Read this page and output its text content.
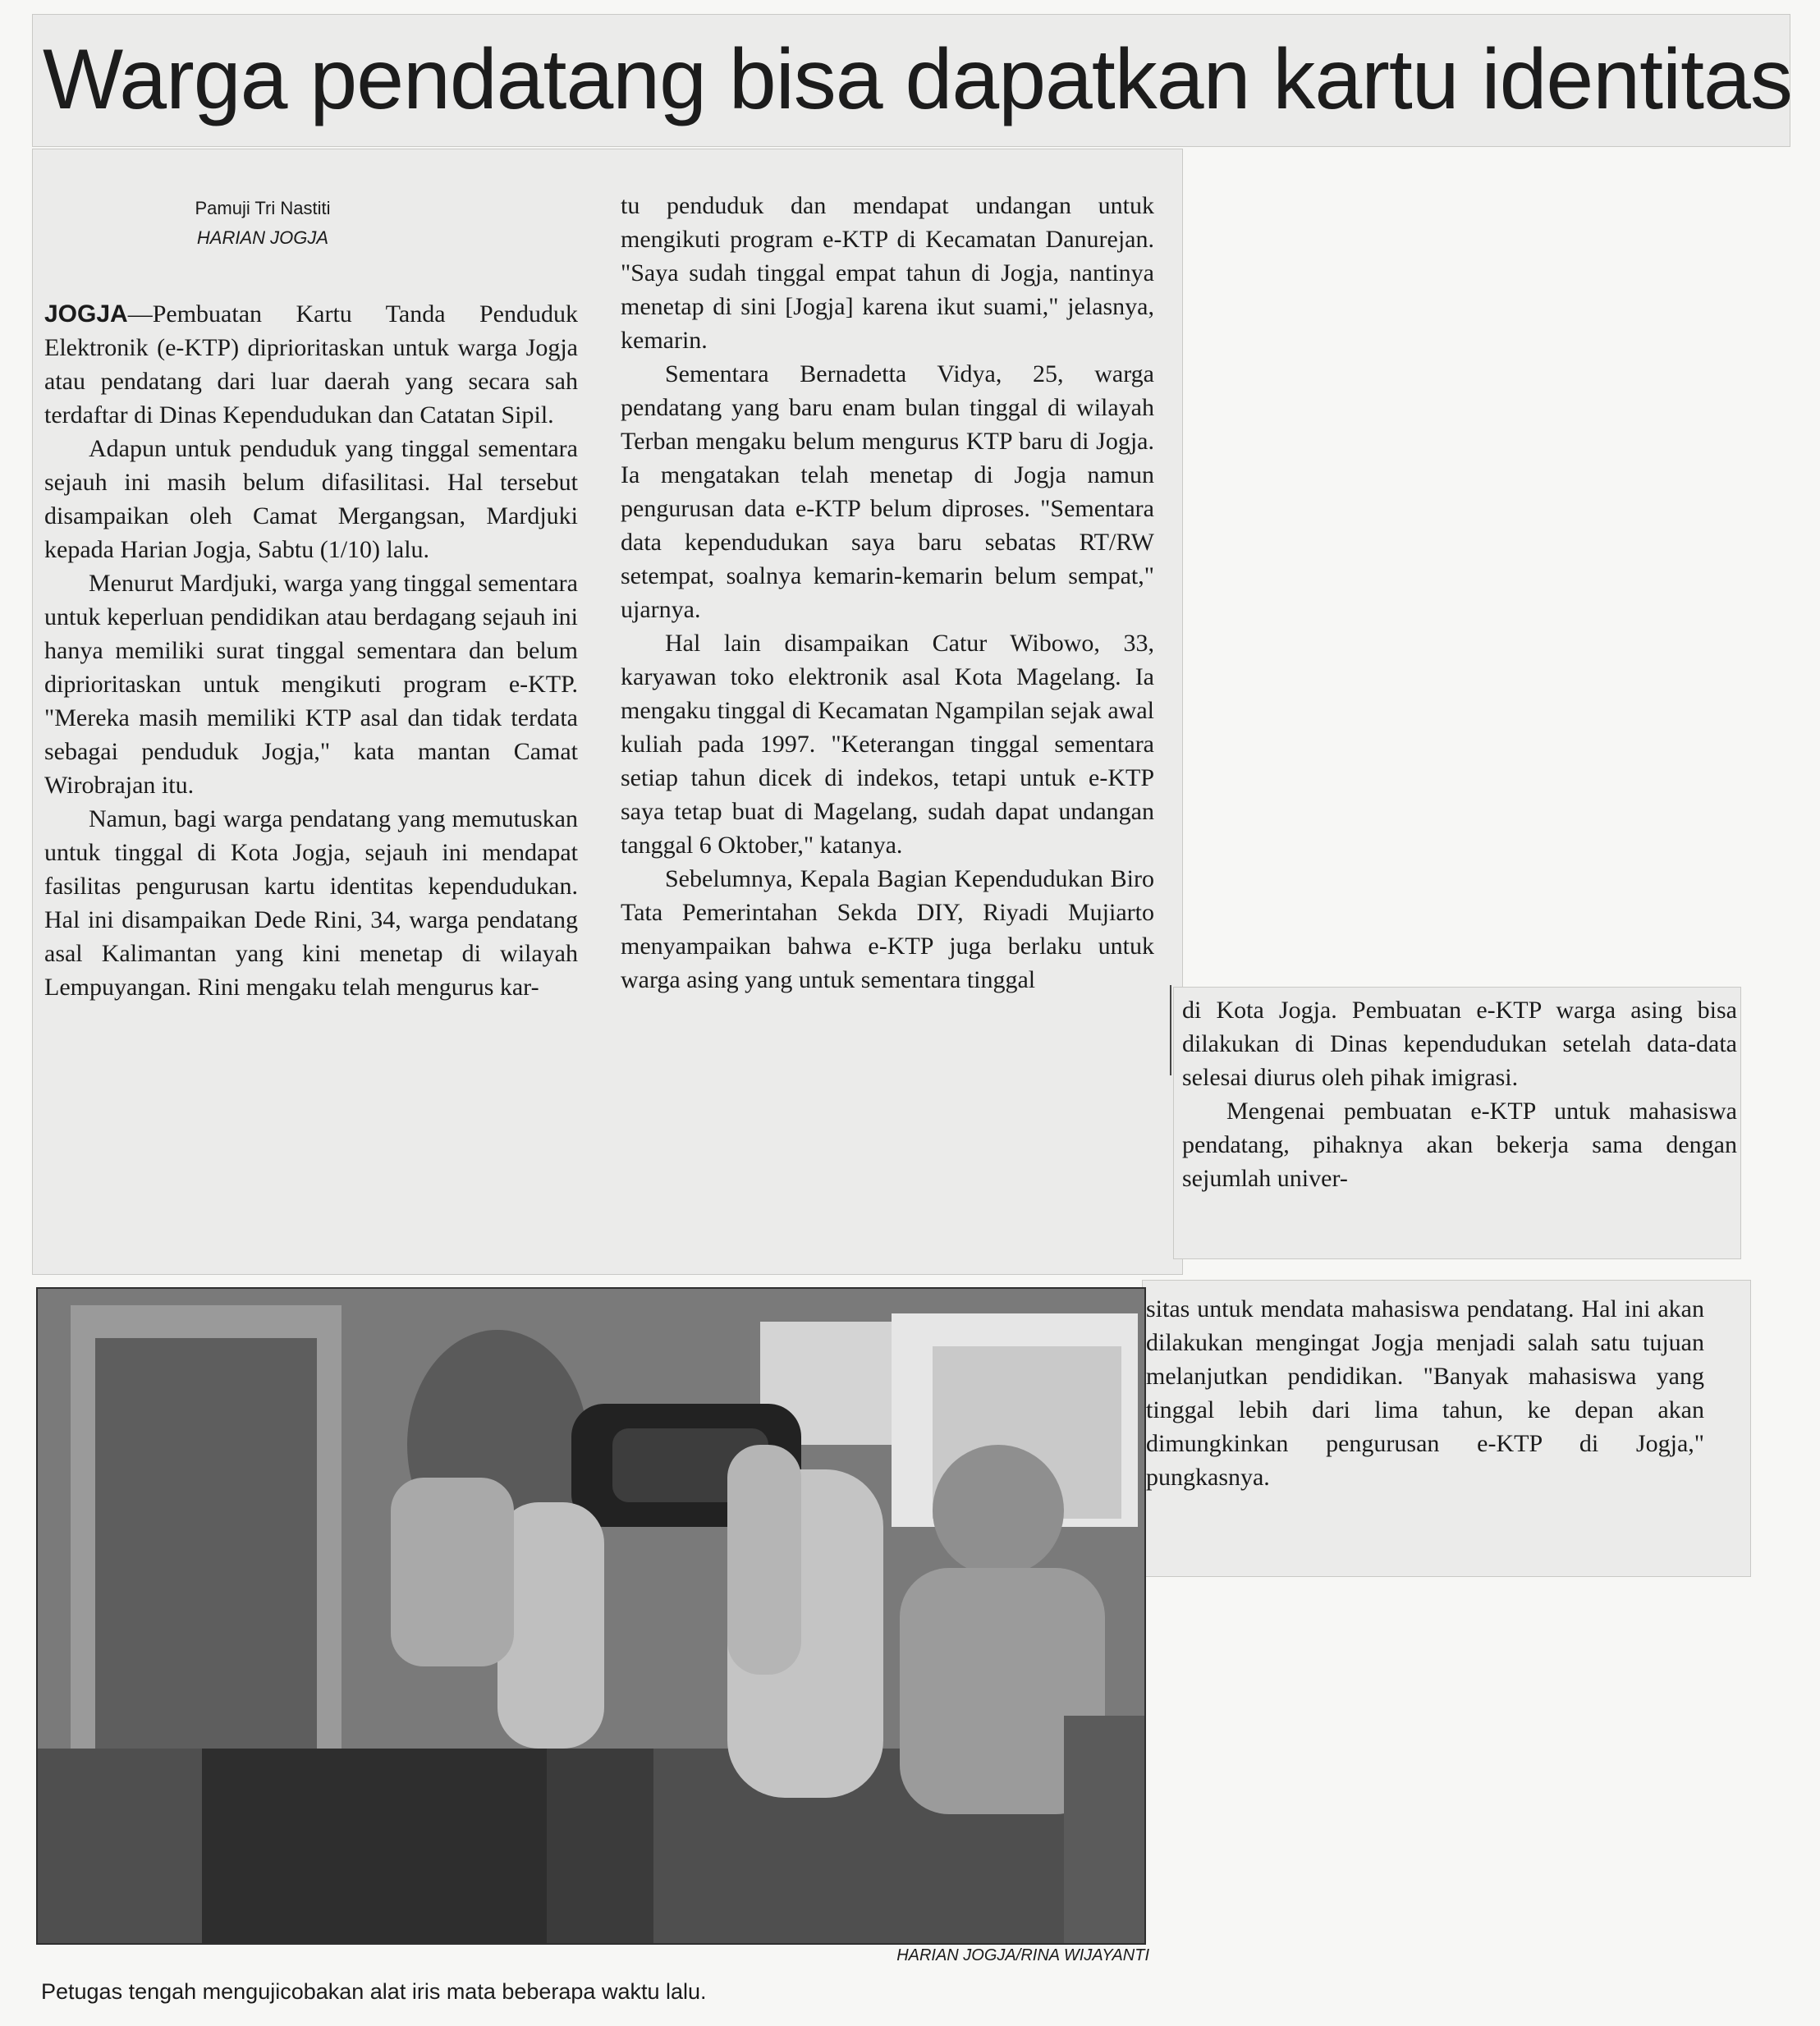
Warga pendatang bisa dapatkan kartu identitas
Pamuji Tri Nastiti
HARIAN JOGJA

JOGJA—Pembuatan Kartu Tanda Penduduk Elektronik (e-KTP) diprioritaskan untuk warga Jogja atau pendatang dari luar daerah yang secara sah terdaftar di Dinas Kependudukan dan Catatan Sipil.

Adapun untuk penduduk yang tinggal sementara sejauh ini masih belum difasilitasi. Hal tersebut disampaikan oleh Camat Mergangsan, Mardjuki kepada Harian Jogja, Sabtu (1/10) lalu.

Menurut Mardjuki, warga yang tinggal sementara untuk keperluan pendidikan atau berdagang sejauh ini hanya memiliki surat tinggal sementara dan belum diprioritaskan untuk mengikuti program e-KTP. "Mereka masih memiliki KTP asal dan tidak terdata sebagai penduduk Jogja," kata mantan Camat Wirobrajan itu.

Namun, bagi warga pendatang yang memutuskan untuk tinggal di Kota Jogja, sejauh ini mendapat fasilitas pengurusan kartu identitas kependudukan. Hal ini disampaikan Dede Rini, 34, warga pendatang asal Kalimantan yang kini menetap di wilayah Lempuyangan. Rini mengaku telah mengurus kar-

tu penduduk dan mendapat undangan untuk mengikuti program e-KTP di Kecamatan Danurejan. "Saya sudah tinggal empat tahun di Jogja, nantinya menetap di sini [Jogja] karena ikut suami," jelasnya, kemarin.

Sementara Bernadetta Vidya, 25, warga pendatang yang baru enam bulan tinggal di wilayah Terban mengaku belum mengurus KTP baru di Jogja. Ia mengatakan telah menetap di Jogja namun pengurusan data e-KTP belum diproses. "Sementara data kependudukan saya baru sebatas RT/RW setempat, soalnya kemarin-kemarin belum sempat," ujarnya.

Hal lain disampaikan Catur Wibowo, 33, karyawan toko elektronik asal Kota Magelang. Ia mengaku tinggal di Kecamatan Ngampilan sejak awal kuliah pada 1997. "Keterangan tinggal sementara setiap tahun dicek di indekos, tetapi untuk e-KTP saya tetap buat di Magelang, sudah dapat undangan tanggal 6 Oktober," katanya.

Sebelumnya, Kepala Bagian Kependudukan Biro Tata Pemerintahan Sekda DIY, Riyadi Mujiarto menyampaikan bahwa e-KTP juga berlaku untuk warga asing yang untuk sementara tinggal

di Kota Jogja. Pembuatan e-KTP warga asing bisa dilakukan di Dinas kependudukan setelah data-data selesai diurus oleh pihak imigrasi.

Mengenai pembuatan e-KTP untuk mahasiswa pendatang, pihaknya akan bekerja sama dengan sejumlah univer-

sitas untuk mendata mahasiswa pendatang. Hal ini akan dilakukan mengingat Jogja menjadi salah satu tujuan melanjutkan pendidikan. "Banyak mahasiswa yang tinggal lebih dari lima tahun, ke depan akan dimungkinkan pengurusan e-KTP di Jogja," pungkasnya.

HARIAN JOGJA/RINA WIJAYANTI
Petugas tengah mengujicobakan alat iris mata beberapa waktu lalu.
